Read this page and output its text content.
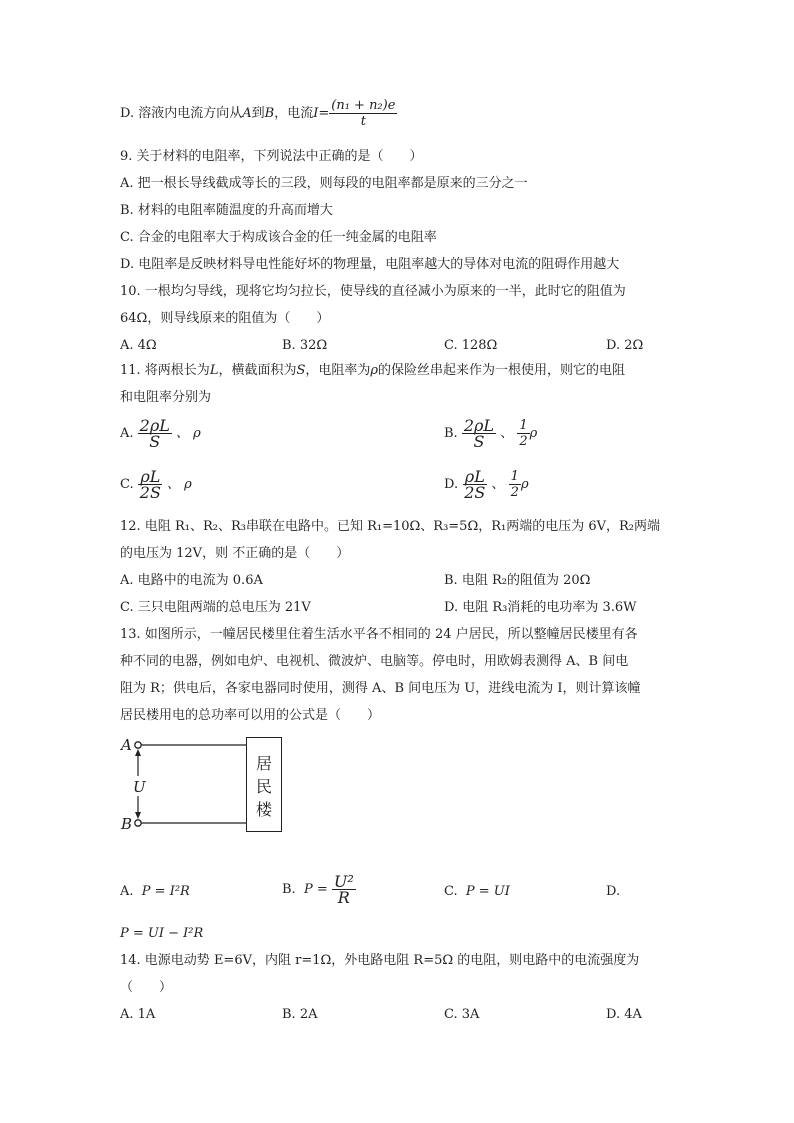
D. 溶液内电流方向从A到B，电流$I= \frac{\text{(n₁ + n₂)e}}{t}$
9. 关于材料的电阻率，下列说法中正确的是（　　）
A. 把一根长导线截成等长的三段，则每段的电阻率都是原来的三分之一
B. 材料的电阻率随温度的升高而增大
C. 合金的电阻率大于构成该合金的任一纯金属的电阻率
D. 电阻率是反映材料导电性能好坏的物理量，电阻率越大的导体对电流的阻碍作用越大
10. 一根均匀导线，现将它均匀拉长，使导线的直径减小为原来的一半，此时它的阻值为
64Ω，则导线原来的阻值为（　　）
A. 4Ω	B. 32Ω	C. 128Ω	D. 2Ω
11. 将两根长为L，横截面积为S，电阻率为ρ的保险丝串起来作为一根使用，则它的电阻
和电阻率分别为
A. $\frac{2\rho L}{S}$ 、 ρ	B. $\frac{2\rho L}{S}$ 、 $\frac{1}{2}$ ρ
C. $\frac{\rho L}{2S}$ 、 ρ	D. $\frac{\rho L}{2S}$ 、 $\frac{1}{2}$ ρ
12. 电阻 R₁、R₂、R₃串联在电路中。已知 R₁=10Ω、R₃=5Ω，R₁两端的电压为 6V，R₂两端
的电压为 12V，则 不正确的是（　　）
A. 电路中的电流为 0.6A	B. 电阻 R₂的阻值为 20Ω
C. 三只电阻两端的总电压为 21V	D. 电阻 R₃消耗的电功率为 3.6W
13. 如图所示，一幢居民楼里住着生活水平各不相同的 24 户居民，所以整幢居民楼里有各
种不同的电器，例如电炉、电视机、微波炉、电脑等。停电时，用欧姆表测得 A、B 间电
阻为 R；供电后，各家电器同时使用，测得 A、B 间电压为 U，进线电流为 I，则计算该幢
居民楼用电的总功率可以用的公式是（　　）
A
B
U
居
民
楼
A. P = I²R	B. $P = \frac{\text{U²}}{R}$	C. P = UI	D.
P = UI − I²R
14. 电源电动势 E=6V，内阻 r=1Ω，外电路电阻 R=5Ω 的电阻，则电路中的电流强度为
（　　）
A. 1A	B. 2A	C. 3A	D. 4A
